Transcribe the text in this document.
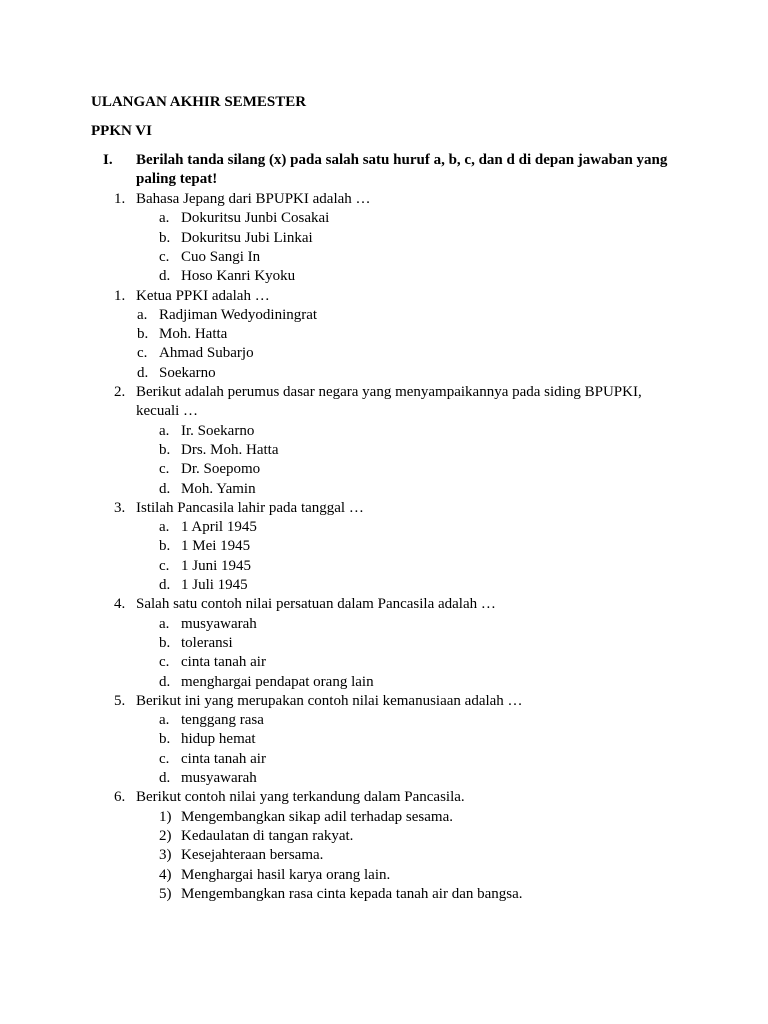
ULANGAN AKHIR SEMESTER
PPKN VI
I. Berilah tanda silang (x) pada salah satu huruf a, b, c, dan d di depan jawaban yang
paling tepat!
1. Bahasa Jepang dari BPUPKI adalah …
a. Dokuritsu Junbi Cosakai
b. Dokuritsu Jubi Linkai
c. Cuo Sangi In
d. Hoso Kanri Kyoku
1. Ketua PPKI adalah …
a. Radjiman Wedyodiningrat
b. Moh. Hatta
c. Ahmad Subarjo
d. Soekarno
2. Berikut adalah perumus dasar negara yang menyampaikannya pada siding BPUPKI,
kecuali …
a. Ir. Soekarno
b. Drs. Moh. Hatta
c. Dr. Soepomo
d. Moh. Yamin
3. Istilah Pancasila lahir pada tanggal …
a. 1 April 1945
b. 1 Mei 1945
c. 1 Juni 1945
d. 1 Juli 1945
4. Salah satu contoh nilai persatuan dalam Pancasila adalah …
a. musyawarah
b. toleransi
c. cinta tanah air
d. menghargai pendapat orang lain
5. Berikut ini yang merupakan contoh nilai kemanusiaan adalah …
a. tenggang rasa
b. hidup hemat
c. cinta tanah air
d. musyawarah
6. Berikut contoh nilai yang terkandung dalam Pancasila.
1) Mengembangkan sikap adil terhadap sesama.
2) Kedaulatan di tangan rakyat.
3) Kesejahteraan bersama.
4) Menghargai hasil karya orang lain.
5) Mengembangkan rasa cinta kepada tanah air dan bangsa.
